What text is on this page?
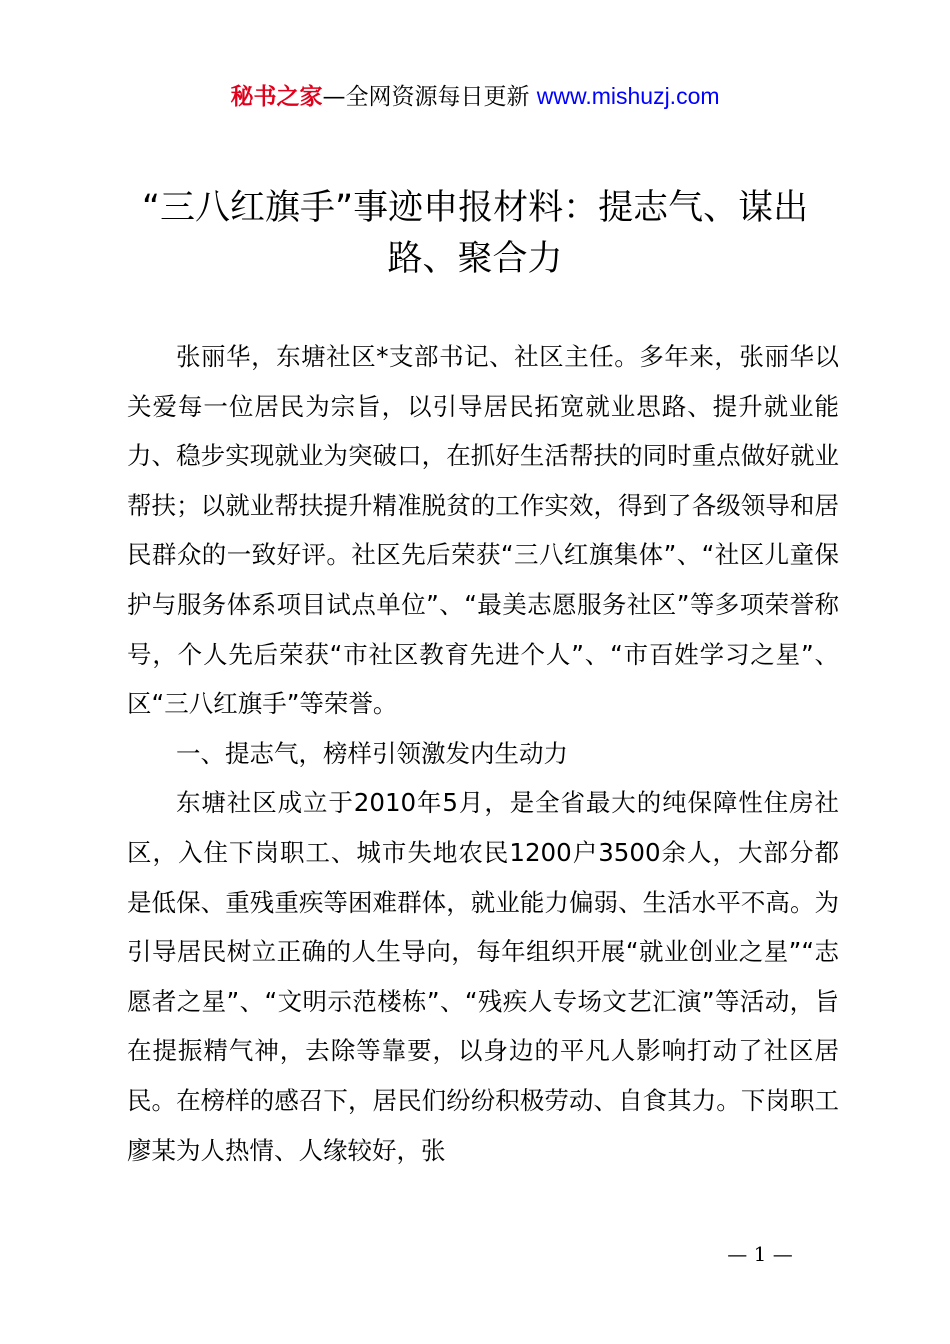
秘书之家—全网资源每日更新 www.mishuzj.com
“三八红旗手”事迹申报材料：提志气、谋出路、聚合力

张丽华，东塘社区*支部书记、社区主任。多年来，张丽华以关爱每一位居民为宗旨，以引导居民拓宽就业思路、提升就业能力、稳步实现就业为突破口，在抓好生活帮扶的同时重点做好就业帮扶；以就业帮扶提升精准脱贫的工作实效，得到了各级领导和居民群众的一致好评。社区先后荣获“三八红旗集体”、“社区儿童保护与服务体系项目试点单位”、“最美志愿服务社区”等多项荣誉称号，个人先后荣获“市社区教育先进个人”、“市百姓学习之星”、区“三八红旗手”等荣誉。

一、提志气，榜样引领激发内生动力

东塘社区成立于2010年5月，是全省最大的纯保障性住房社区，入住下岗职工、城市失地农民1200户3500余人，大部分都是低保、重残重疾等困难群体，就业能力偏弱、生活水平不高。为引导居民树立正确的人生导向，每年组织开展“就业创业之星”“志愿者之星”、“文明示范楼栋”、“残疾人专场文艺汇演”等活动，旨在提振精气神，去除等靠要，以身边的平凡人影响打动了社区居民。在榜样的感召下，居民们纷纷积极劳动、自食其力。下岗职工廖某为人热情、人缘较好，张

— 1 —
